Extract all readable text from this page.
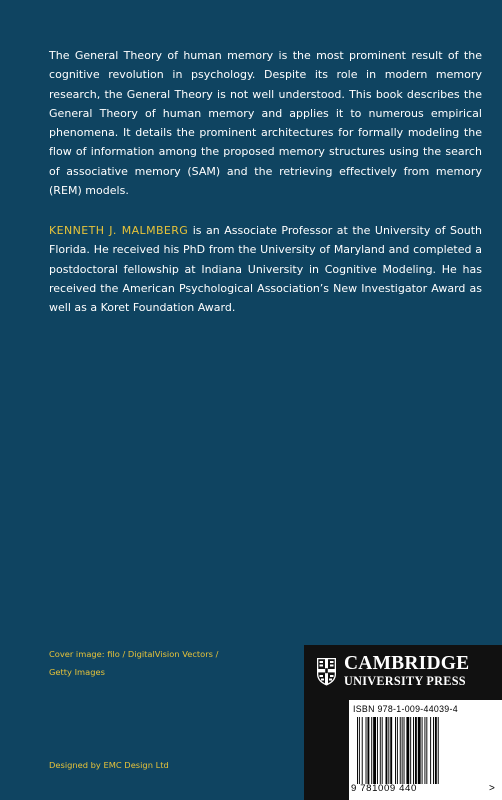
The General Theory of human memory is the most prominent result of the cognitive revolution in psychology. Despite its role in modern memory research, the General Theory is not well understood. This book describes the General Theory of human memory and applies it to numerous empirical phenomena. It details the prominent architectures for formally modeling the flow of information among the proposed memory structures using the search of associative memory (SAM) and the retrieving effectively from memory (REM) models.

KENNETH J. MALMBERG is an Associate Professor at the University of South Florida. He received his PhD from the University of Maryland and completed a postdoctoral fellowship at Indiana University in Cognitive Modeling. He has received the American Psychological Association’s New Investigator Award as well as a Koret Foundation Award.

Cover image: filo / DigitalVision Vectors /
Getty Images

Designed by EMC Design Ltd

CAMBRIDGE
UNIVERSITY PRESS
ISBN 978-1-009-44039-4
9 781009 440	>
